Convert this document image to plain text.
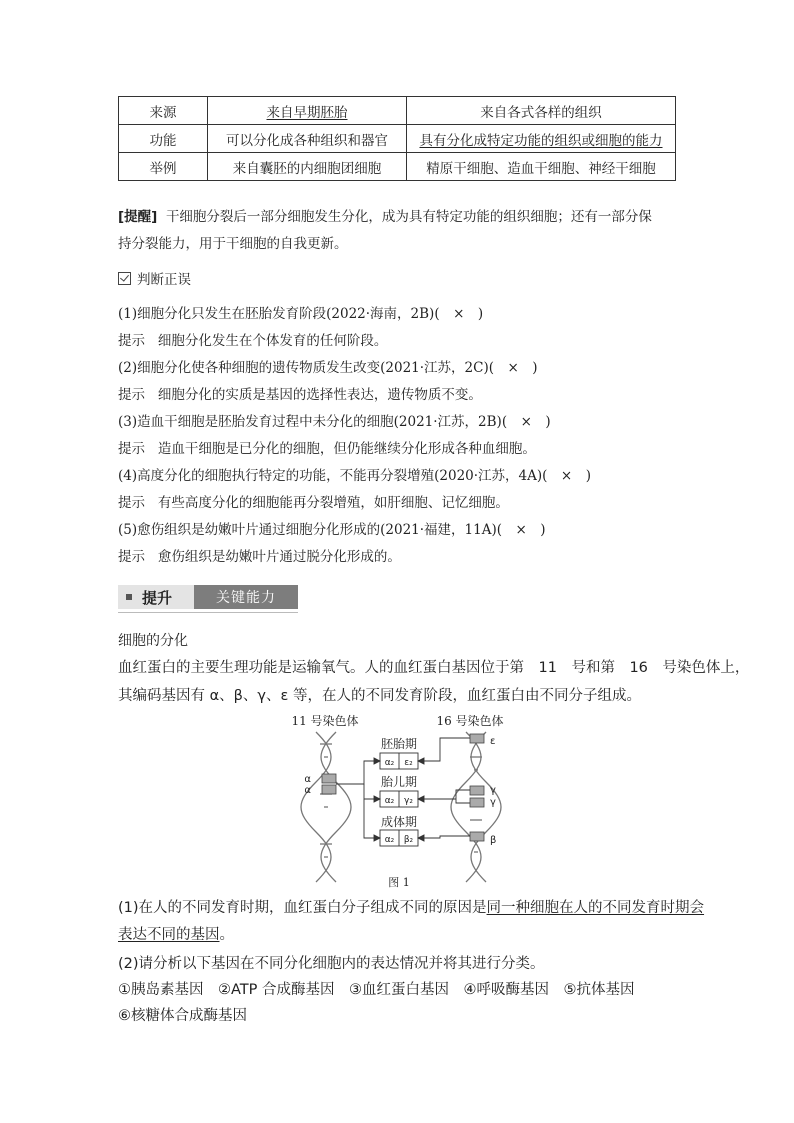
来源	来自早期胚胎	来自各式各样的组织
功能	可以分化成各种组织和器官	具有分化成特定功能的组织或细胞的能力
举例	来自囊胚的内细胞团细胞	精原干细胞、造血干细胞、神经干细胞
[提醒] 干细胞分裂后一部分细胞发生分化，成为具有特定功能的组织细胞；还有一部分保
持分裂能力，用于干细胞的自我更新。
判断正误
(1)细胞分化只发生在胚胎发育阶段(2022·海南，2B)(　×　)
提示 细胞分化发生在个体发育的任何阶段。
(2)细胞分化使各种细胞的遗传物质发生改变(2021·江苏，2C)(　×　)
提示 细胞分化的实质是基因的选择性表达，遗传物质不变。
(3)造血干细胞是胚胎发育过程中未分化的细胞(2021·江苏，2B)(　×　)
提示 造血干细胞是已分化的细胞，但仍能继续分化形成各种血细胞。
(4)高度分化的细胞执行特定的功能，不能再分裂增殖(2020·江苏，4A)(　×　)
提示 有些高度分化的细胞能再分裂增殖，如肝细胞、记忆细胞。
(5)愈伤组织是幼嫩叶片通过细胞分化形成的(2021·福建，11A)(　×　)
提示 愈伤组织是幼嫩叶片通过脱分化形成的。
提升	关键能力
细胞的分化
血红蛋白的主要生理功能是运输氧气。人的血红蛋白基因位于第　11　号和第　16　号染色体上，
其编码基因有 α、β、γ、ε 等，在人的不同发育阶段，血红蛋白由不同分子组成。
11 号染色体	16 号染色体
α
α
ε
γ
γ
β
胚胎期
胎儿期
成体期
α₂ ε₂
α₂ γ₂
α₂ β₂
图 1
(1)在人的不同发育时期，血红蛋白分子组成不同的原因是同一种细胞在人的不同发育时期会
表达不同的基因。
(2)请分析以下基因在不同分化细胞内的表达情况并将其进行分类。
①胰岛素基因　②ATP 合成酶基因　③血红蛋白基因　④呼吸酶基因　⑤抗体基因
⑥核糖体合成酶基因
